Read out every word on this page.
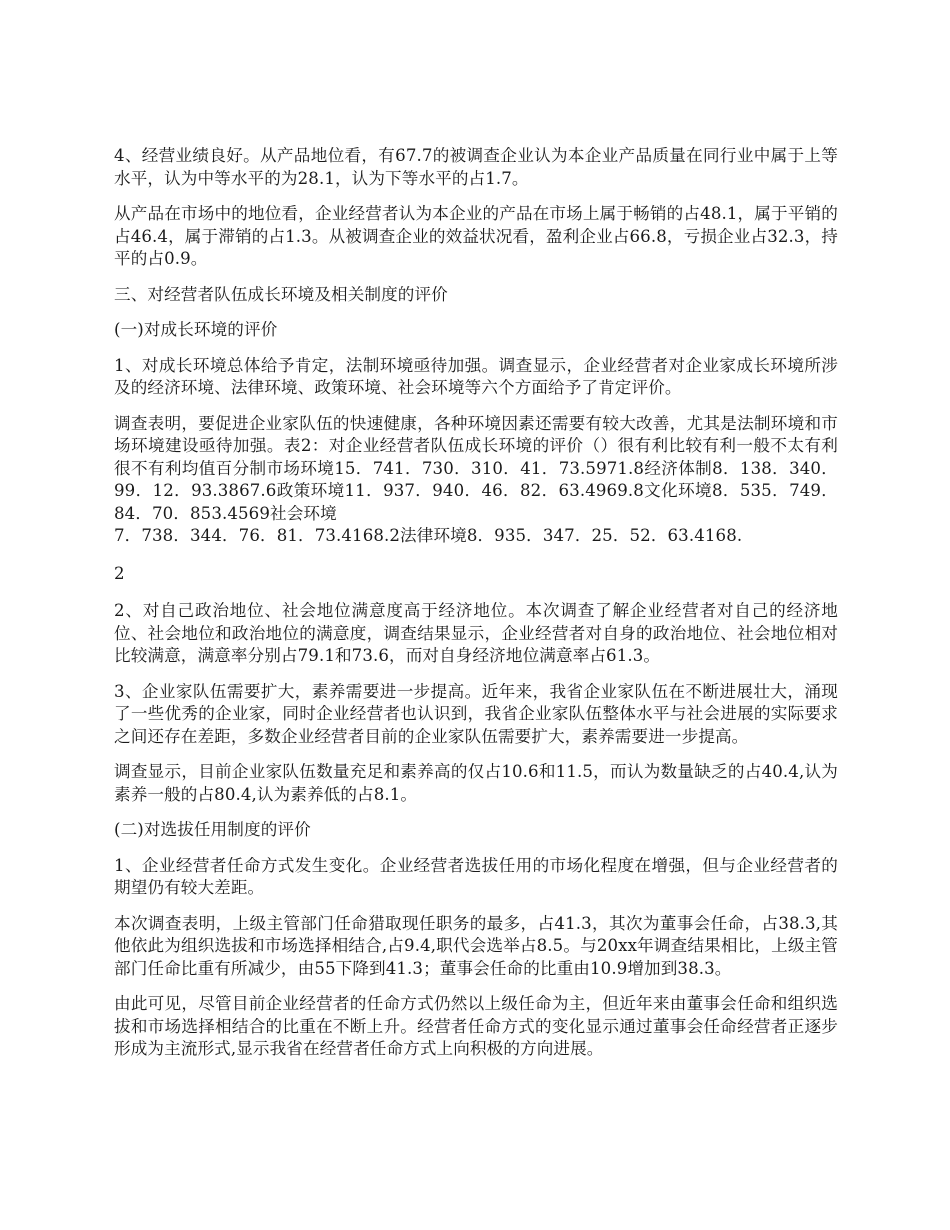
4、经营业绩良好。从产品地位看，有67.7的被调查企业认为本企业产品质量在同行业中属于上等水平，认为中等水平的为28.1，认为下等水平的占1.7。

从产品在市场中的地位看，企业经营者认为本企业的产品在市场上属于畅销的占48.1，属于平销的占46.4，属于滞销的占1.3。从被调查企业的效益状况看，盈利企业占66.8，亏损企业占32.3，持平的占0.9。

三、对经营者队伍成长环境及相关制度的评价

(一)对成长环境的评价

1、对成长环境总体给予肯定，法制环境亟待加强。调查显示，企业经营者对企业家成长环境所涉及的经济环境、法律环境、政策环境、社会环境等六个方面给予了肯定评价。

调查表明，要促进企业家队伍的快速健康，各种环境因素还需要有较大改善，尤其是法制环境和市场环境建设亟待加强。表2：对企业经营者队伍成长环境的评价（）很有利比较有利一般不太有利很不有利均值百分制市场环境15．741．730．310．41．73.5971.8经济体制8．138．340．99．12．93.3867.6政策环境11．937．940．46．82．63.4969.8文化环境8．535．749．84．70．853.4569社会环境

7．738．344．76．81．73.4168.2法律环境8．935．347．25．52．63.4168.

2

2、对自己政治地位、社会地位满意度高于经济地位。本次调查了解企业经营者对自己的经济地位、社会地位和政治地位的满意度，调查结果显示，企业经营者对自身的政治地位、社会地位相对比较满意，满意率分别占79.1和73.6，而对自身经济地位满意率占61.3。

3、企业家队伍需要扩大，素养需要进一步提高。近年来，我省企业家队伍在不断进展壮大，涌现了一些优秀的企业家，同时企业经营者也认识到，我省企业家队伍整体水平与社会进展的实际要求之间还存在差距，多数企业经营者目前的企业家队伍需要扩大，素养需要进一步提高。

调查显示，目前企业家队伍数量充足和素养高的仅占10.6和11.5，而认为数量缺乏的占40.4,认为素养一般的占80.4,认为素养低的占8.1。

(二)对选拔任用制度的评价

1、企业经营者任命方式发生变化。企业经营者选拔任用的市场化程度在增强，但与企业经营者的期望仍有较大差距。

本次调查表明，上级主管部门任命猎取现任职务的最多，占41.3，其次为董事会任命，占38.3,其他依此为组织选拔和市场选择相结合,占9.4,职代会选举占8.5。与20xx年调查结果相比，上级主管部门任命比重有所减少，由55下降到41.3；董事会任命的比重由10.9增加到38.3。

由此可见，尽管目前企业经营者的任命方式仍然以上级任命为主，但近年来由董事会任命和组织选拔和市场选择相结合的比重在不断上升。经营者任命方式的变化显示通过董事会任命经营者正逐步形成为主流形式,显示我省在经营者任命方式上向积极的方向进展。
